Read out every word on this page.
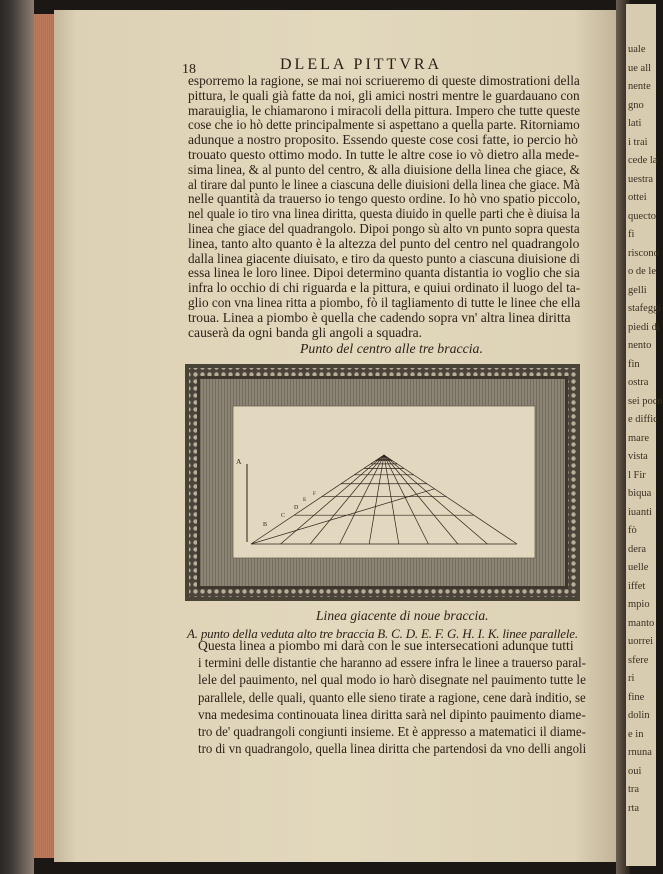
uale
ue all
nente
gno
lati
i trai
cede la
uestra
ottei
quecto
fi
riscono
o de le
gelli
stafeggi
piedi di
nento
fin
ostra
sei poco
e diffic
mare
vista
l Fir
biqua
iuanti
fò
dera
uelle
iffet
mpio
manto
uorrei
sfere
ri
fine
dolin
e in
rnuna
oui
tra
rta
18	DLELA PITTVRA
Punto del centro alle tre braccia.
A
B
C
D
E
F
Linea giacente di noue braccia.
A. punto della veduta alto tre braccia B. C. D. E. F. G. H. I. K. linee parallele.
esporremo la ragione, se mai noi scriueremo di queste dimostrationi della
pittura, le quali già fatte da noi, gli amici nostri mentre le guardauano con
marauiglia, le chiamarono i miracoli della pittura. Impero che tutte queste
cose che io hò dette principalmente si aspettano a quella parte. Ritorniamo
adunque a nostro proposito. Essendo queste cose cosi fatte, io percio hò
trouato questo ottimo modo. In tutte le altre cose io vò dietro alla mede-
sima linea, & al punto del centro, & alla diuisione della linea che giace, &
al tirare dal punto le linee a ciascuna delle diuisioni della linea che giace. Mà
nelle quantità da trauerso io tengo questo ordine. Io hò vno spatio piccolo,
nel quale io tiro vna linea diritta, questa diuido in quelle parti che è diuisa la
linea che giace del quadrangolo. Dipoi pongo sù alto vn punto sopra questa
linea, tanto alto quanto è la altezza del punto del centro nel quadrangolo
dalla linea giacente diuisato, e tiro da questo punto a ciascuna diuisione di
essa linea le loro linee. Dipoi determino quanta distantia io voglio che sia
infra lo occhio di chi riguarda e la pittura, e quiui ordinato il luogo del ta-
glio con vna linea ritta a piombo, fò il tagliamento di tutte le linee che ella
troua. Linea a piombo è quella che cadendo sopra vn' altra linea diritta
causerà da ogni banda gli angoli a squadra.
Questa linea a piombo mi darà con le sue intersecationi adunque tutti
i termini delle distantie che haranno ad essere infra le linee a trauerso paral-
lele del pauimento, nel qual modo io harò disegnate nel pauimento tutte le
parallele, delle quali, quanto elle sieno tirate a ragione, cene darà inditio, se
vna medesima continouata linea diritta sarà nel dipinto pauimento diame-
tro de' quadrangoli congiunti insieme. Et è appresso a matematici il diame-
tro di vn quadrangolo, quella linea diritta che partendosi da vno delli angoli
